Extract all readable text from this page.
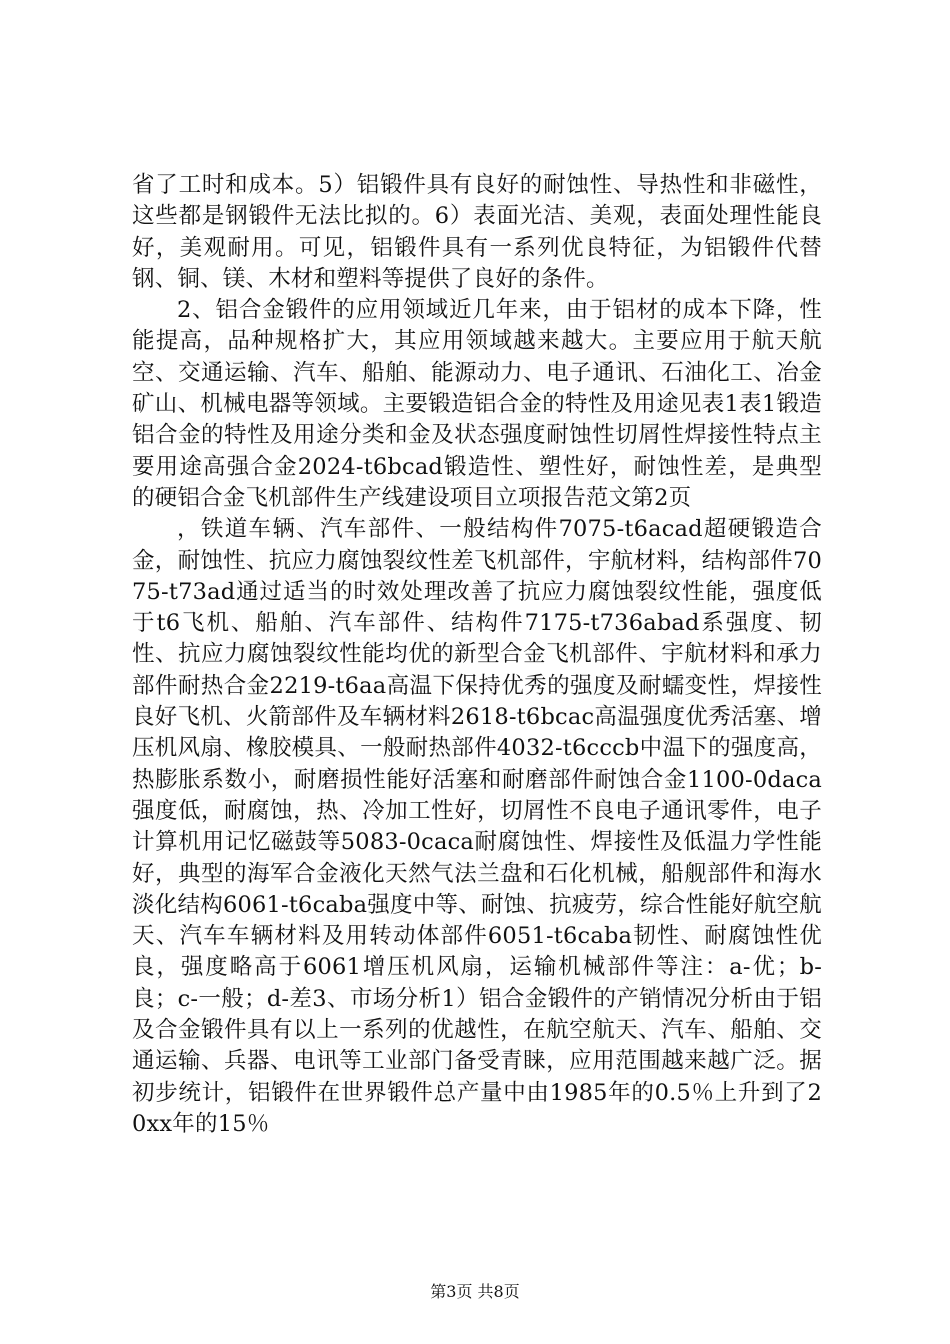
省了工时和成本。5）铝锻件具有良好的耐蚀性、导热性和非磁性，这些都是钢锻件无法比拟的。6）表面光洁、美观，表面处理性能良好，美观耐用。可见，铝锻件具有一系列优良特征，为铝锻件代替钢、铜、镁、木材和塑料等提供了良好的条件。

2、铝合金锻件的应用领域近几年来，由于铝材的成本下降，性能提高，品种规格扩大，其应用领域越来越大。主要应用于航天航空、交通运输、汽车、船舶、能源动力、电子通讯、石油化工、冶金矿山、机械电器等领域。主要锻造铝合金的特性及用途见表1表1锻造铝合金的特性及用途分类和金及状态强度耐蚀性切屑性焊接性特点主要用途高强合金2024-t6bcad锻造性、塑性好，耐蚀性差，是典型的硬铝合金飞机部件生产线建设项目立项报告范文第2页

，铁道车辆、汽车部件、一般结构件7075-t6acad超硬锻造合金，耐蚀性、抗应力腐蚀裂纹性差飞机部件，宇航材料，结构部件7075-t73ad通过适当的时效处理改善了抗应力腐蚀裂纹性能，强度低于t6飞机、船舶、汽车部件、结构件7175-t736abad系强度、韧性、抗应力腐蚀裂纹性能均优的新型合金飞机部件、宇航材料和承力部件耐热合金2219-t6aa高温下保持优秀的强度及耐蠕变性，焊接性良好飞机、火箭部件及车辆材料2618-t6bcac高温强度优秀活塞、增压机风扇、橡胶模具、一般耐热部件4032-t6cccb中温下的强度高，热膨胀系数小，耐磨损性能好活塞和耐磨部件耐蚀合金1100-0daca强度低，耐腐蚀，热、冷加工性好，切屑性不良电子通讯零件，电子计算机用记忆磁鼓等5083-0caca耐腐蚀性、焊接性及低温力学性能好，典型的海军合金液化天然气法兰盘和石化机械，船舰部件和海水淡化结构6061-t6caba强度中等、耐蚀、抗疲劳，综合性能好航空航天、汽车车辆材料及用转动体部件6051-t6caba韧性、耐腐蚀性优良，强度略高于6061增压机风扇，运输机械部件等注：a-优；b-良；c-一般；d-差3、市场分析1）铝合金锻件的产销情况分析由于铝及合金锻件具有以上一系列的优越性，在航空航天、汽车、船舶、交通运输、兵器、电讯等工业部门备受青睐，应用范围越来越广泛。据初步统计，铝锻件在世界锻件总产量中由1985年的0.5％上升到了20xx年的15％

第3页 共8页
